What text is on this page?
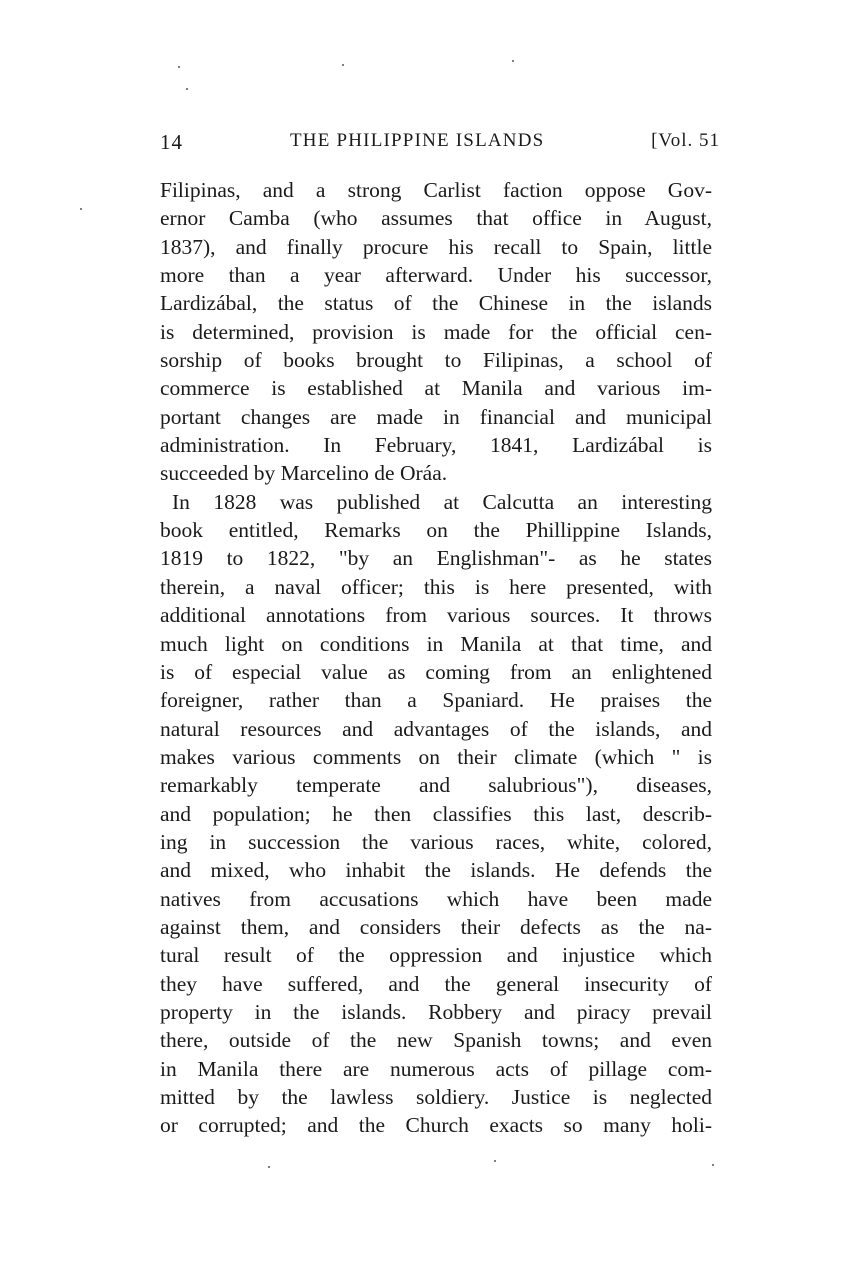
14	THE PHILIPPINE ISLANDS	[Vol. 51
Filipinas, and a strong Carlist faction oppose Gov-
ernor Camba (who assumes that office in August,
1837), and finally procure his recall to Spain, little
more than a year afterward. Under his successor,
Lardizábal, the status of the Chinese in the islands
is determined, provision is made for the official cen-
sorship of books brought to Filipinas, a school of
commerce is established at Manila and various im-
portant changes are made in financial and municipal
administration. In February, 1841, Lardizábal is
succeeded by Marcelino de Oráa.
In 1828 was published at Calcutta an interesting
book entitled, Remarks on the Phillippine Islands,
1819 to 1822, "by an Englishman"- as he states
therein, a naval officer; this is here presented, with
additional annotations from various sources. It throws
much light on conditions in Manila at that time, and
is of especial value as coming from an enlightened
foreigner, rather than a Spaniard. He praises the
natural resources and advantages of the islands, and
makes various comments on their climate (which " is
remarkably temperate and salubrious"), diseases,
and population; he then classifies this last, describ-
ing in succession the various races, white, colored,
and mixed, who inhabit the islands. He defends the
natives from accusations which have been made
against them, and considers their defects as the na-
tural result of the oppression and injustice which
they have suffered, and the general insecurity of
property in the islands. Robbery and piracy prevail
there, outside of the new Spanish towns; and even
in Manila there are numerous acts of pillage com-
mitted by the lawless soldiery. Justice is neglected
or corrupted; and the Church exacts so many holi-
